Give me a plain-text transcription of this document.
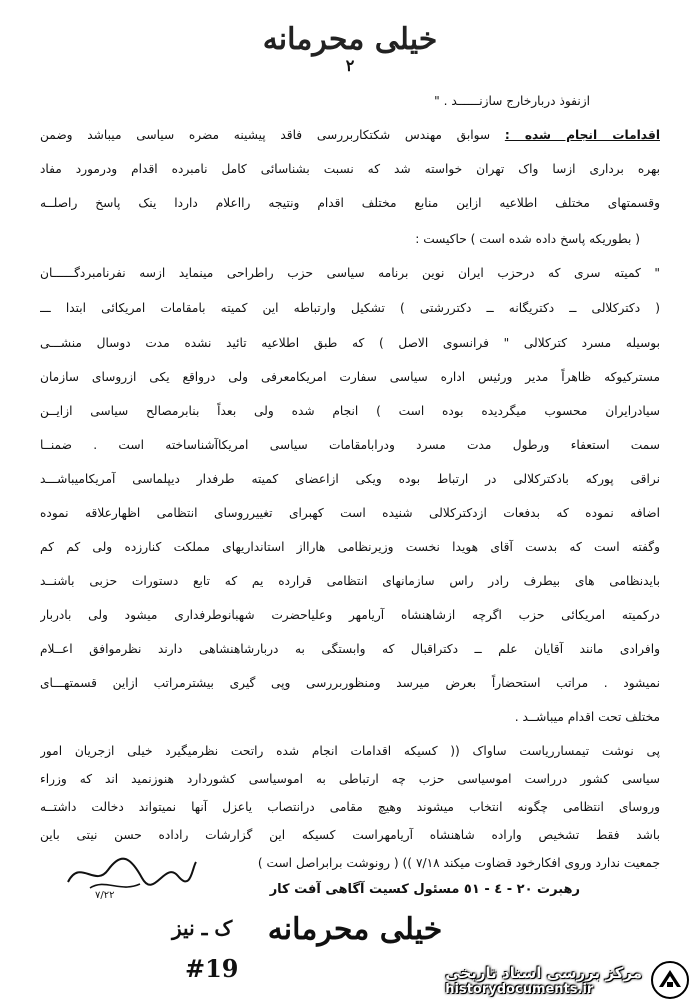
خیلی محرمانه
۲
ازنفوذ دربارخارج سازنــــــد . "
اقدامات انجام شده : سوابق مهندس شکتکاربررسی فاقد پیشینه مضره سیاسی میباشد وضمن
بهره برداری ازسا واک تهران خواسته شد که نسبت بشناسائی کامل نامبرده اقدام ودرمورد مفاد
وقسمتهای مختلف اطلاعیه ازاین منابع مختلف اقدام ونتیجه رااعلام داردا ینک پاسخ راصلــه
( بطوریکه پاسخ داده شده است ) حاکیست :
" کمیته سری که درحزب ایران نوین برنامه سیاسی حزب راطراحی مینماید ازسه نفرنامبردگــــــان
( دکترکلالی ــ دکتریگانه ــ دکتررشتی ) تشکیل وارتباطه این کمیته بامقامات امریکائی ابتدا ـــ
بوسیله مسرد کترکلالی " فرانسوی الاصل ) که طبق اطلاعیه تائید نشده مدت دوسال منشـــی
مسترکیوکه ظاهراً مدیر ورئیس اداره سیاسی سفارت امریکامعرفی ولی درواقع یکی ازروسای سازمان
سیادرایران محسوب میگردیده بوده است ) انجام شده ولی بعداً بنابرمصالح سیاسی ازایــن
سمت استعفاء ورطول مدت مسرد ودرابامقامات سیاسی امریکاآشناساخته است . ضمنــا
نراقی پورکه بادکترکلالی در ارتباط بوده ویکی ازاعضای کمیته طرفدار دیپلماسی آمریکامیباشـــد
اضافه نموده که بدفعات ازدکترکلالی شنیده است کهبرای تغییرروسای انتظامی اظهارعلاقه نموده
وگفته است که بدست آقای هویدا نخست وزیرنظامی هارااز استانداریهای مملکت کنارزده ولی کم کم
بایدنظامی های بیطرف رادر راس سازمانهای انتظامی قرارده یم که تابع دستورات حزبی باشنــد
درکمیته امریکائی حزب اگرچه ازشاهنشاه آریامهر وعلیاحضرت شهبانوطرفداری میشود ولی بادربار
وافرادی مانند آقایان علم ــ دکتراقبال که وابستگی به دربارشاهنشاهی دارند نظرموافق اعــلام
نمیشود . مراتب استحضاراً بعرض میرسد ومنظوربررسی وپی گیری بیشترمراتب ازاین قسمتهـــای
مختلف تحت اقدام میباشــد .
پی نوشت تیمسارریاست ساواک (( کسیکه اقدامات انجام شده راتحت نظرمیگیرد خیلی ازجریان امور
سیاسی کشور درراست اموسیاسی حزب چه ارتباطی به اموسیاسی کشوردارد هنوزنمید اند که وزراء
وروسای انتظامی چگونه انتخاب میشوند وهیچ مقامی درانتصاب یاعزل آنها نمیتواند دخالت داشتــه
باشد فقط تشخیص واراده شاهنشاه آریامهراست کسیکه این گزارشات راداده حسن نیتی باین
جمعیت ندارد وروی افکارخود قضاوت میکند ٧/١٨ )) ( رونوشت برابراصل است )
رهبرت ٢٠ - ٤ - ٥١ مسئول کسیت آگاهی آفت کار
۷/۲۲
ک ـ نیز	خیلی محرمانه
#19	مرکز بررسی اسناد تاریخی
historydocuments.ir
